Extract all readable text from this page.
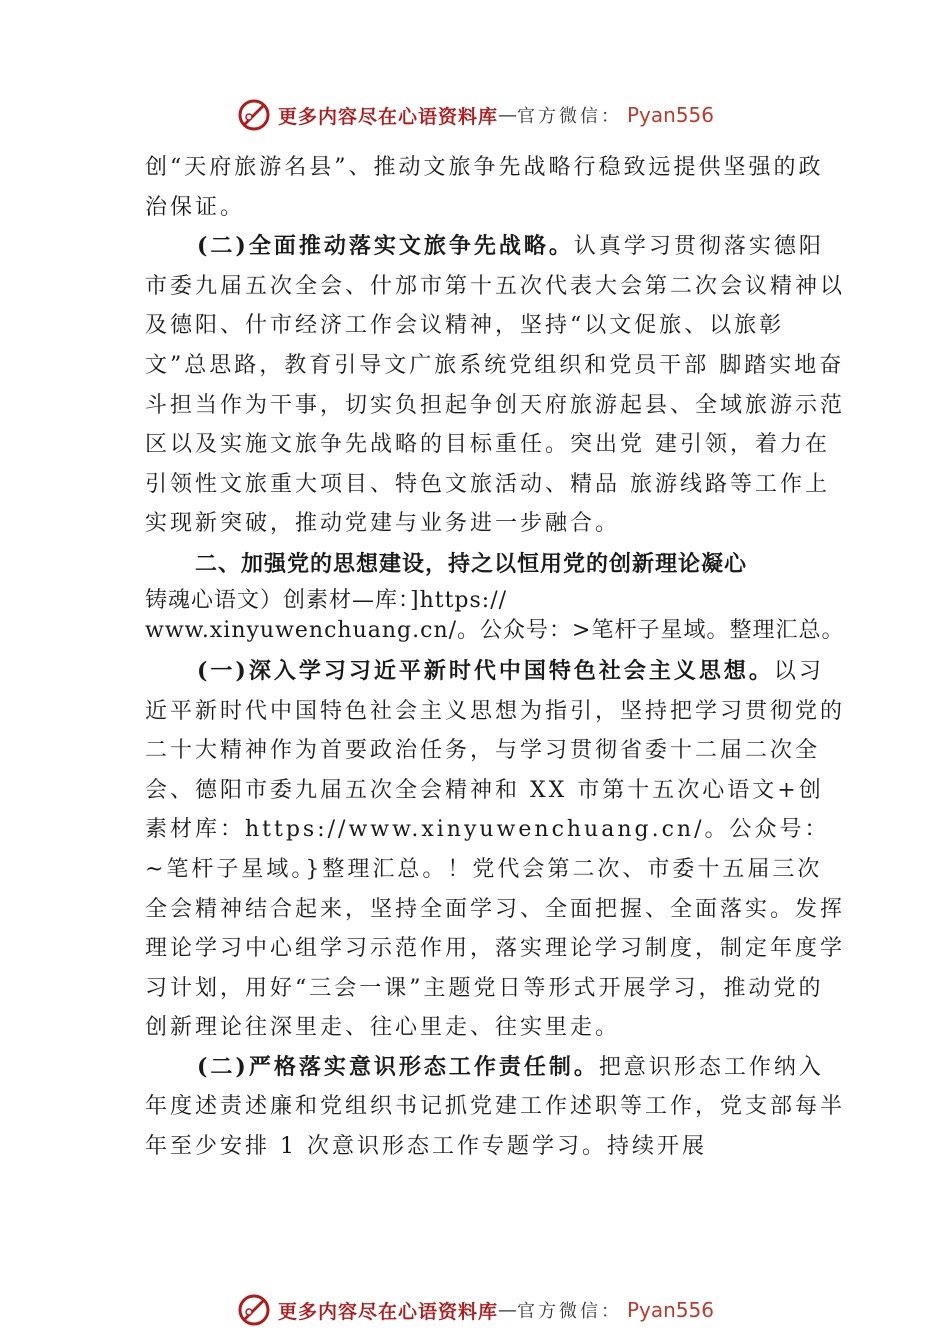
更多内容尽在心语资料库 — 官方微信 ： Pyan556

创“天府旅游名县”、推动文旅争先战略行稳致远提供坚强的政治保证。

(二)全面推动落实文旅争先战略。认真学习贯彻落实德阳市委九届五次全会、什邡市第十五次代表大会第二次会议精神以及德阳、什市经济工作会议精神，坚持“以文促旅、以旅彰文”总思路，教育引导文广旅系统党组织和党员干部 脚踏实地奋斗担当作为干事，切实负担起争创天府旅游起县、全域旅游示范区以及实施文旅争先战略的目标重任。突出党 建引领，着力在引领性文旅重大项目、特色文旅活动、精品 旅游线路等工作上实现新突破，推动党建与业务进一步融合。

二、加强党的思想建设，持之以恒用党的创新理论凝心

铸魂心语文）创素材—库：]https://

www.xinyuwenchuang.cn/。公众号：>笔杆子星域。整理汇总。

(一)深入学习习近平新时代中国特色社会主义思想。以习近平新时代中国特色社会主义思想为指引，坚持把学习贯彻党的二十大精神作为首要政治任务，与学习贯彻省委十二届二次全会、德阳市委九届五次全会精神和 XX 市第十五次心语文+创素材库：https://www.xinyuwenchuang.cn/。公众号：~笔杆子星域。}整理汇总。！党代会第二次、市委十五届三次全会精神结合起来，坚持全面学习、全面把握、全面落实。发挥理论学习中心组学习示范作用，落实理论学习制度，制定年度学习计划，用好“三会一课”主题党日等形式开展学习，推动党的创新理论往深里走、往心里走、往实里走。

(二)严格落实意识形态工作责任制。把意识形态工作纳入年度述责述廉和党组织书记抓党建工作述职等工作，党支部每半年至少安排 1 次意识形态工作专题学习。持续开展

更多内容尽在心语资料库 — 官方微信 ： Pyan556
